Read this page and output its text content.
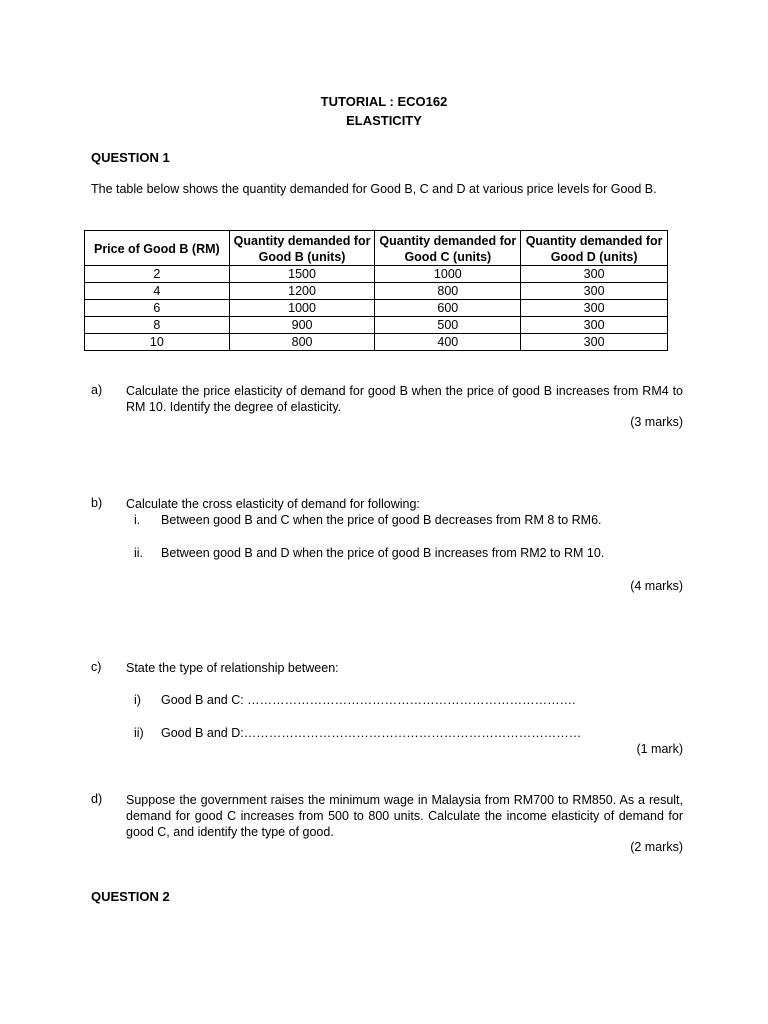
TUTORIAL : ECO162
ELASTICITY
QUESTION 1
The table below shows the quantity demanded for Good B, C and D at various price levels for Good B.
Price of Good B (RM)	Quantity demanded for Good B (units)	Quantity demanded for Good C (units)	Quantity demanded for Good D (units)
2	1500	1000	300
4	1200	800	300
6	1000	600	300
8	900	500	300
10	800	400	300
a) Calculate the price elasticity of demand for good B when the price of good B increases from RM4 to RM 10. Identify the degree of elasticity.
(3 marks)
b) Calculate the cross elasticity of demand for following:
i. Between good B and C when the price of good B decreases from RM 8 to RM6.
ii. Between good B and D when the price of good B increases from RM2 to RM 10.
(4 marks)
c) State the type of relationship between:
i) Good B and C: …………………………………………………………………….
ii) Good B and D:………………………………………………………………………
(1 mark)
d) Suppose the government raises the minimum wage in Malaysia from RM700 to RM850. As a result, demand for good C increases from 500 to 800 units. Calculate the income elasticity of demand for good C, and identify the type of good.
(2 marks)
QUESTION 2
